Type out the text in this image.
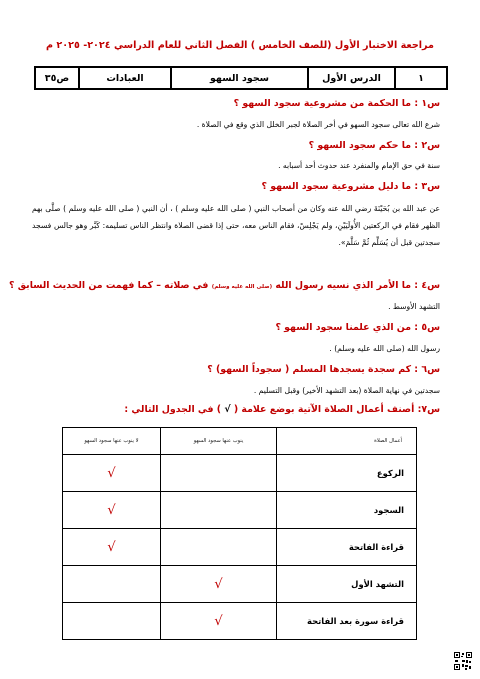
مراجعة الاختبار الأول (للصف الخامس ) الفصل الثاني للعام الدراسي ٢٠٢٤- ٢٠٢٥ م
١	الدرس الأول	سجود السهو	العبادات	ص٣٥
س١ : ما الحكمة من مشروعية سجود السهو ؟
شرع الله تعالى سجود السهو في أخر الصلاة لجبر الخلل الذي وقع في الصلاة .
س٢ : ما حكم سجود السهو ؟
سنة في حق الإمام والمنفرد عند حدوث أحد أسبابه .
س٣ : ما دليل مشروعية سجود السهو ؟
عن عبد الله بن بُحَيْنَةَ رضي الله عنه وكان من أصحاب النبي ( صلى الله عليه وسلم ) ، أن النبي ( صلى الله عليه وسلم ) صلَّى بهم الظهر فقام في الركعتين الأُولَيَيْنِ، ولم يَجْلِسْ، فقام الناس معه، حتى إذا قضى الصلاة وانتظر الناس تسليمه: كَبَّر وهو جالس فسجد سجدتين قبل أن يُسَلِّم ثُمَّ سَلَّمَ».
س٤ : ما الأمر الذي نسيه رسول الله (صلى الله عليه وسلم) في صلاته – كما فهمت من الحديث السابق ؟
التشهد الأوسط .
س٥ : من الذي علمنا سجود السهو ؟
رسول الله (صلى الله عليه وسلم) .
س٦ : كم سجدة يسجدها المسلم ( سجوداً السهو) ؟
سجدتين في نهاية الصلاة (بعد التشهد الأخير) وقبل التسليم .
س٧: أصنف أعمال الصلاة الآتية بوضع علامة ( √ ) في الجدول التالي :
أعمال الصلاة	ينوب عنها سجود السهو	لا ينوب عنها سجود السهو
الركوع		√
السجود		√
قراءة الفاتحة		√
التشهد الأول	√	
قراءة سورة بعد الفاتحة	√	
